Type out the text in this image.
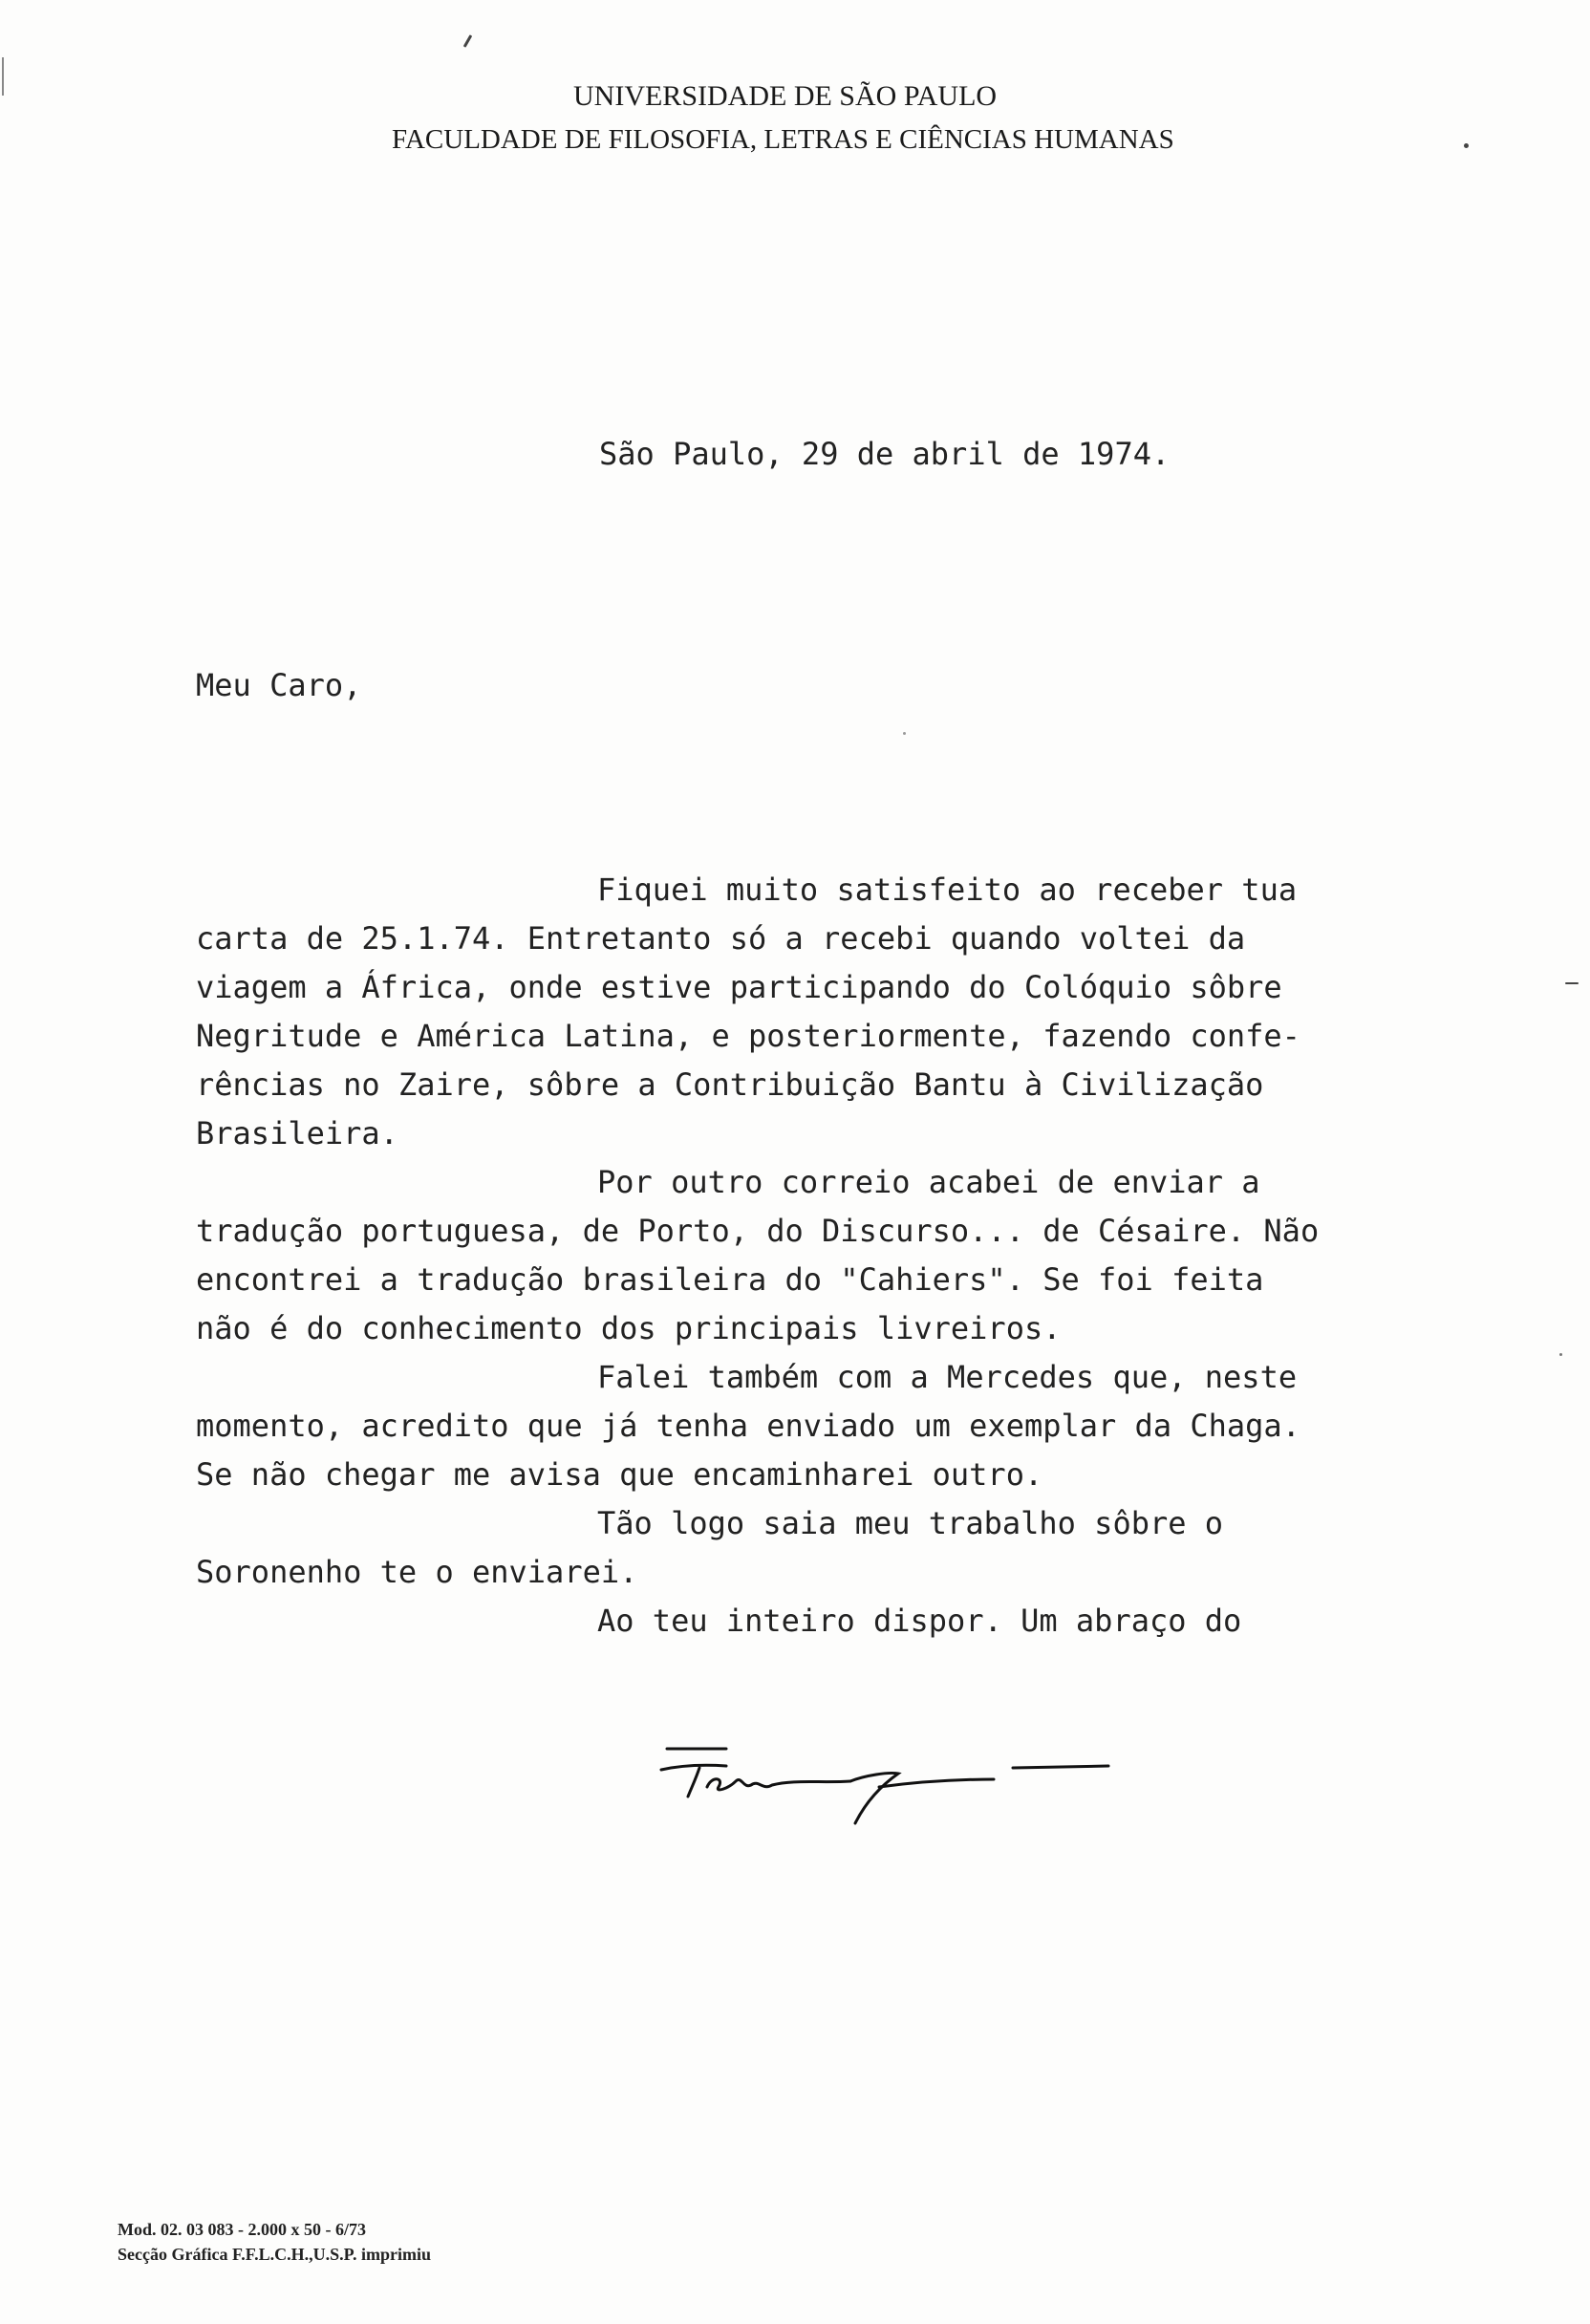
UNIVERSIDADE DE SÃO PAULO
FACULDADE DE FILOSOFIA, LETRAS E CIÊNCIAS HUMANAS
São Paulo, 29 de abril de 1974.
Meu Caro,
Fiquei muito satisfeito ao receber tua
carta de 25.1.74. Entretanto só a recebi quando voltei da
viagem a África, onde estive participando do Colóquio sôbre
Negritude e América Latina, e posteriormente, fazendo confe-
rências no Zaire, sôbre a Contribuição Bantu à Civilização
Brasileira.
Por outro correio acabei de enviar a
tradução portuguesa, de Porto, do Discurso... de Césaire. Não
encontrei a tradução brasileira do "Cahiers". Se foi feita
não é do conhecimento dos principais livreiros.
Falei também com a Mercedes que, neste
momento, acredito que já tenha enviado um exemplar da Chaga.
Se não chegar me avisa que encaminharei outro.
Tão logo saia meu trabalho sôbre o
Soronenho te o enviarei.
Ao teu inteiro dispor. Um abraço do
Mod. 02. 03 083 - 2.000 x 50 - 6/73
Secção Gráfica F.F.L.C.H.,U.S.P. imprimiu
